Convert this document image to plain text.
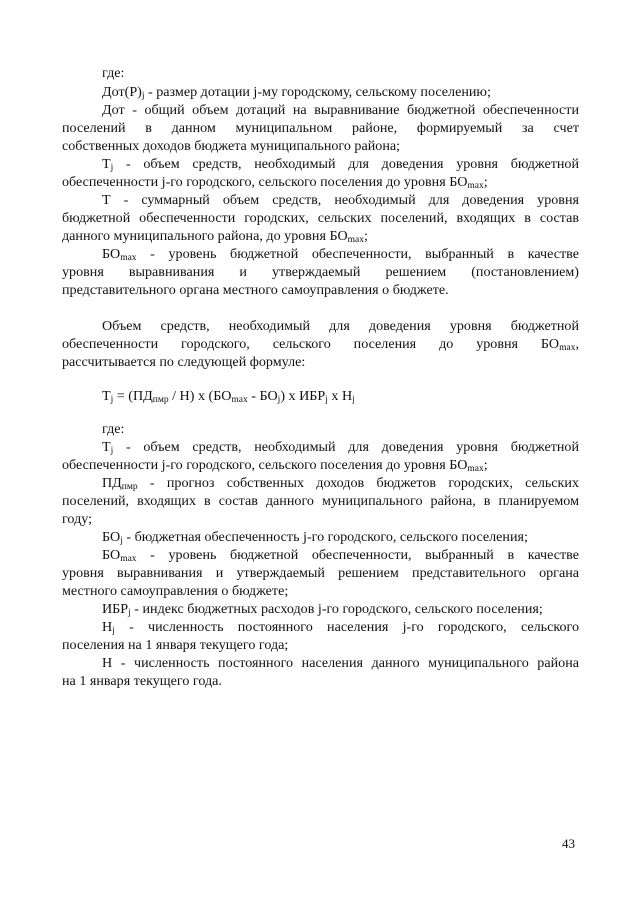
где:

$Дот(Р)_j$ - размер дотации j-му городскому, сельскому поселению;

Дот - общий объем дотаций на выравнивание бюджетной обеспеченности

поселений в данном муниципальном районе, формируемый за счет

собственных доходов бюджета муниципального района;

$Т_j$ - объем средств, необходимый для доведения уровня бюджетной

обеспеченности j-го городского, сельского поселения до уровня $БО_{max}$;

Т - суммарный объем средств, необходимый для доведения уровня

бюджетной обеспеченности городских, сельских поселений, входящих в состав

данного муниципального района, до уровня $БО_{max}$;

$БО_{max}$ - уровень бюджетной обеспеченности, выбранный в качестве

уровня выравнивания и утверждаемый решением (постановлением)

представительного органа местного самоуправления о бюджете.

Объем средств, необходимый для доведения уровня бюджетной

обеспеченности городского, сельского поселения до уровня $БО_{max}$,

рассчитывается по следующей формуле:

$Т_j = (ПД_{пмр} / Н)$ х $(БО_{max} - БО_j)$ х $ИБР_j$ х $Н_j$

где:

$Т_j$ - объем средств, необходимый для доведения уровня бюджетной

обеспеченности j-го городского, сельского поселения до уровня $БО_{max}$;

$ПД_{пмр}$ - прогноз собственных доходов бюджетов городских, сельских

поселений, входящих в состав данного муниципального района, в планируемом

году;

$БО_j$ - бюджетная обеспеченность j-го городского, сельского поселения;

$БО_{max}$ - уровень бюджетной обеспеченности, выбранный в качестве

уровня выравнивания и утверждаемый решением представительного органа

местного самоуправления о бюджете;

$ИБР_j$ - индекс бюджетных расходов j-го городского, сельского поселения;

$Н_j$ - численность постоянного населения j-го городского, сельского

поселения на 1 января текущего года;

Н - численность постоянного населения данного муниципального района

на 1 января текущего года.

43
